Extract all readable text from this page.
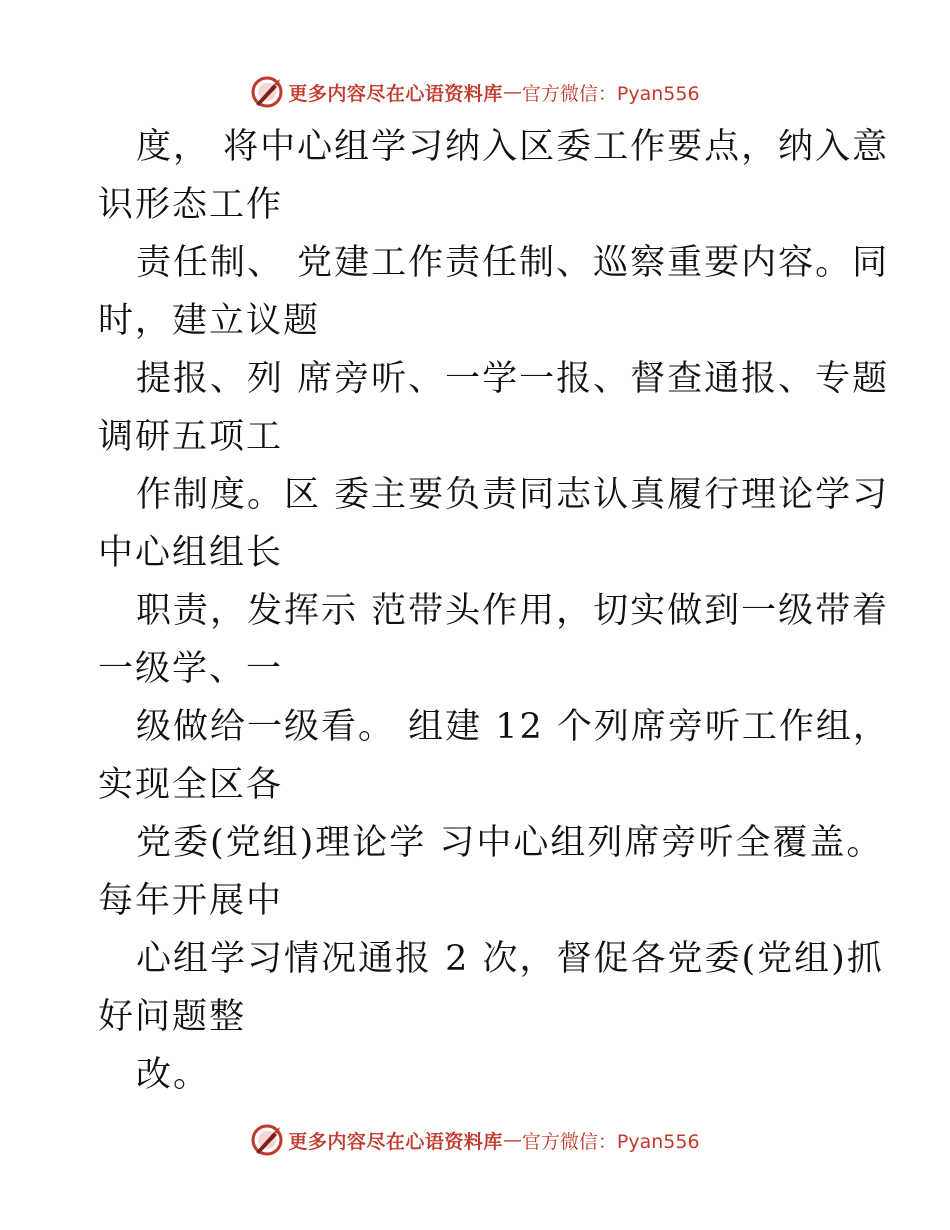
更多内容尽在心语资料库 — 官方微信：Pyan556
度， 将中心组学习纳入区委工作要点，纳入意
识形态工作
责任制、 党建工作责任制、巡察重要内容。同
时，建立议题
提报、列 席旁听、一学一报、督查通报、专题
调研五项工
作制度。区 委主要负责同志认真履行理论学习
中心组组长
职责，发挥示 范带头作用，切实做到一级带着
一级学、一
级做给一级看。 组建 12 个列席旁听工作组，
实现全区各
党委(党组)理论学 习中心组列席旁听全覆盖。
每年开展中
心组学习情况通报 2 次，督促各党委(党组)抓
好问题整
改。
更多内容尽在心语资料库 — 官方微信：Pyan556
